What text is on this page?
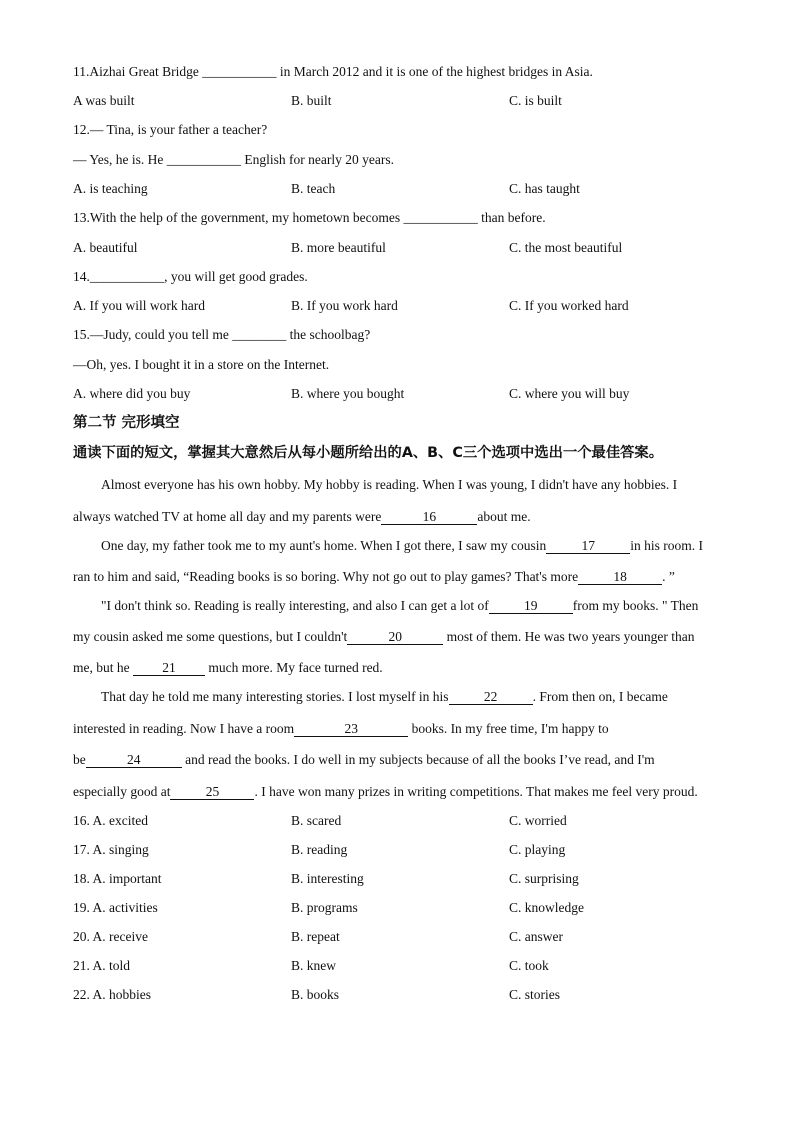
11.Aizhai Great Bridge ___________ in March 2012 and it is one of the highest bridges in Asia.
A was built	B. built	C. is built
12.— Tina, is your father a teacher?
— Yes, he is. He ___________ English for nearly 20 years.
A. is teaching	B. teach	C. has taught
13.With the help of the government, my hometown becomes ___________ than before.
A. beautiful	B. more beautiful	C. the most beautiful
14.___________, you will get good grades.
A. If you will work hard	B. If you work hard	C. If you worked hard
15.—Judy, could you tell me ________ the schoolbag?
—Oh, yes. I bought it in a store on the Internet.
A. where did you buy	B. where you bought	C. where you will buy
第二节 完形填空
通读下面的短文，掌握其大意然后从每小题所给出的A、B、C三个选项中选出一个最佳答案。
Almost everyone has his own hobby. My hobby is reading. When I was young, I didn't have any hobbies. I
always watched TV at home all day and my parents were	16	about me.
One day, my father took me to my aunt's home. When I got there, I saw my cousin	17	in his room. I
ran to him and said, “Reading books is so boring. Why not go out to play games? That's more	18	. ”
"I don't think so. Reading is really interesting, and also I can get a lot of	19	from my books. " Then
my cousin asked me some questions, but I couldn't	20	most of them. He was two years younger than
me, but he 21 much more. My face turned red.
That day he told me many interesting stories. I lost myself in his	22	. From then on, I became
interested in reading. Now I have a room	23	books. In my free time, I'm happy to
be	24	and read the books. I do well in my subjects because of all the books I’ve read, and I'm
especially good at	25	. I have won many prizes in writing competitions. That makes me feel very proud.
16. A. excited	B. scared	C. worried
17. A. singing	B. reading	C. playing
18. A. important	B. interesting	C. surprising
19. A. activities	B. programs	C. knowledge
20. A. receive	B. repeat	C. answer
21. A. told	B. knew	C. took
22. A. hobbies	B. books	C. stories
